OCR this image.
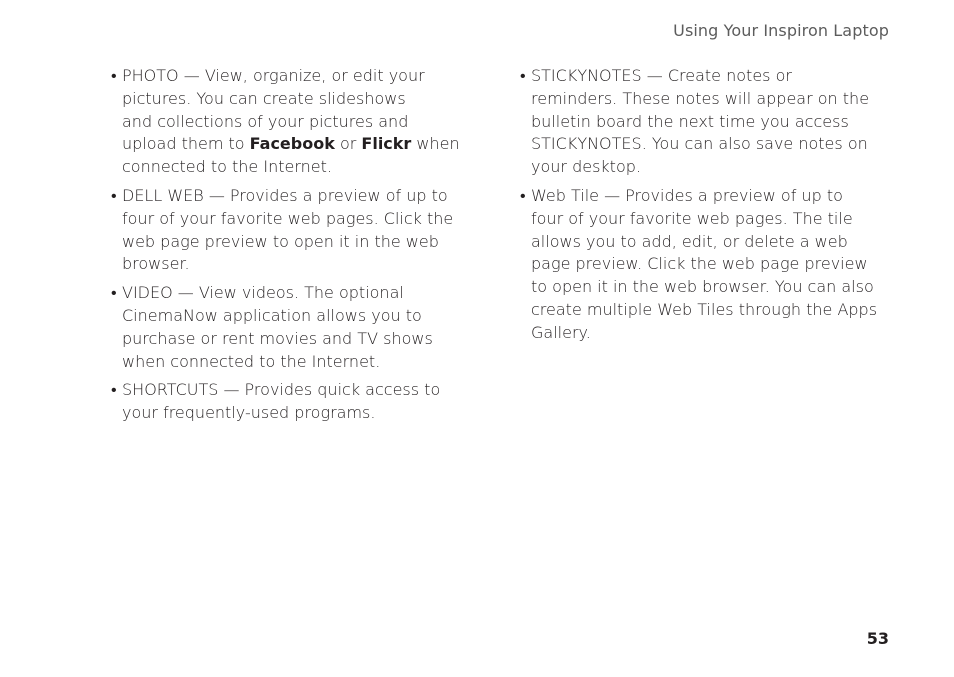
Using Your Inspiron Laptop
• PHOTO — View, organize, or edit your
pictures. You can create slideshows
and collections of your pictures and
upload them to Facebook or Flickr when
connected to the Internet.
• DELL WEB — Provides a preview of up to
four of your favorite web pages. Click the
web page preview to open it in the web
browser.
• VIDEO — View videos. The optional
CinemaNow application allows you to
purchase or rent movies and TV shows
when connected to the Internet.
• SHORTCUTS — Provides quick access to
your frequently-used programs.
• STICKYNOTES — Create notes or
reminders. These notes will appear on the
bulletin board the next time you access
STICKYNOTES. You can also save notes on
your desktop.
• Web Tile — Provides a preview of up to
four of your favorite web pages. The tile
allows you to add, edit, or delete a web
page preview. Click the web page preview
to open it in the web browser. You can also
create multiple Web Tiles through the Apps
Gallery.
53
